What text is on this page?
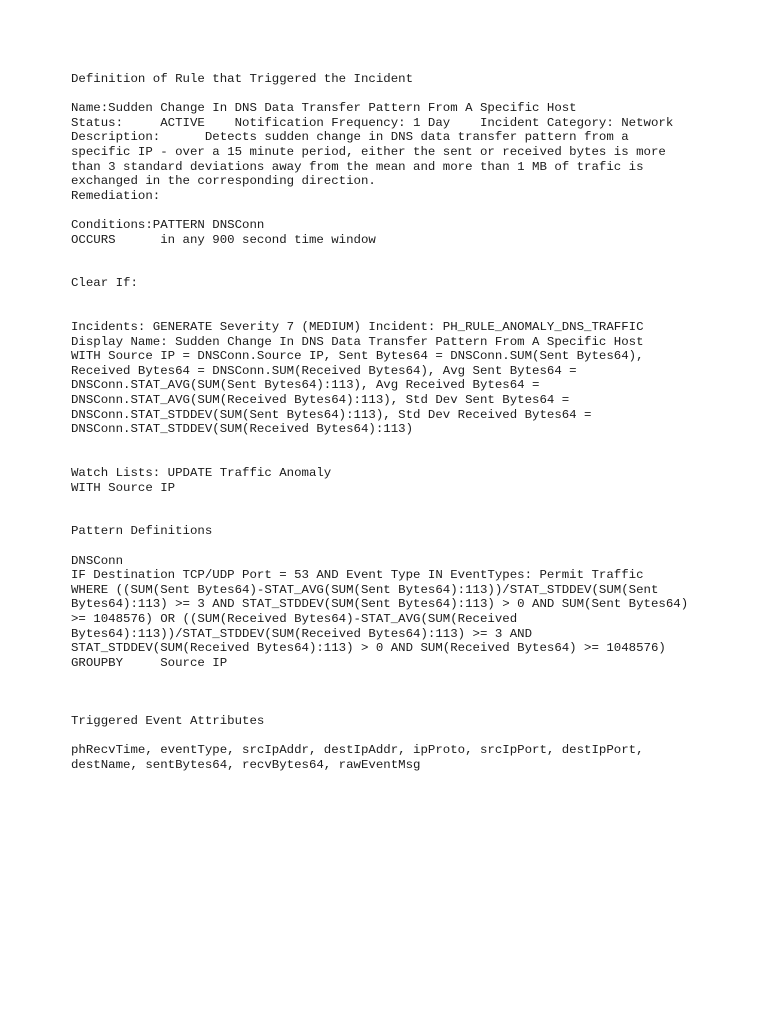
Definition of Rule that Triggered the Incident
Name:Sudden Change In DNS Data Transfer Pattern From A Specific Host
Status:     ACTIVE    Notification Frequency: 1 Day    Incident Category: Network
Description:      Detects sudden change in DNS data transfer pattern from a
specific IP - over a 15 minute period, either the sent or received bytes is more
than 3 standard deviations away from the mean and more than 1 MB of trafic is
exchanged in the corresponding direction.
Remediation:
Conditions:PATTERN DNSConn
OCCURS      in any 900 second time window
Clear If:
Incidents: GENERATE Severity 7 (MEDIUM) Incident: PH_RULE_ANOMALY_DNS_TRAFFIC
Display Name: Sudden Change In DNS Data Transfer Pattern From A Specific Host
WITH Source IP = DNSConn.Source IP, Sent Bytes64 = DNSConn.SUM(Sent Bytes64),
Received Bytes64 = DNSConn.SUM(Received Bytes64), Avg Sent Bytes64 =
DNSConn.STAT_AVG(SUM(Sent Bytes64):113), Avg Received Bytes64 =
DNSConn.STAT_AVG(SUM(Received Bytes64):113), Std Dev Sent Bytes64 =
DNSConn.STAT_STDDEV(SUM(Sent Bytes64):113), Std Dev Received Bytes64 =
DNSConn.STAT_STDDEV(SUM(Received Bytes64):113)
Watch Lists: UPDATE Traffic Anomaly
WITH Source IP
Pattern Definitions
DNSConn
IF Destination TCP/UDP Port = 53 AND Event Type IN EventTypes: Permit Traffic
WHERE ((SUM(Sent Bytes64)-STAT_AVG(SUM(Sent Bytes64):113))/STAT_STDDEV(SUM(Sent
Bytes64):113) >= 3 AND STAT_STDDEV(SUM(Sent Bytes64):113) > 0 AND SUM(Sent Bytes64)
>= 1048576) OR ((SUM(Received Bytes64)-STAT_AVG(SUM(Received
Bytes64):113))/STAT_STDDEV(SUM(Received Bytes64):113) >= 3 AND
STAT_STDDEV(SUM(Received Bytes64):113) > 0 AND SUM(Received Bytes64) >= 1048576)
GROUPBY     Source IP
Triggered Event Attributes
phRecvTime, eventType, srcIpAddr, destIpAddr, ipProto, srcIpPort, destIpPort,
destName, sentBytes64, recvBytes64, rawEventMsg
